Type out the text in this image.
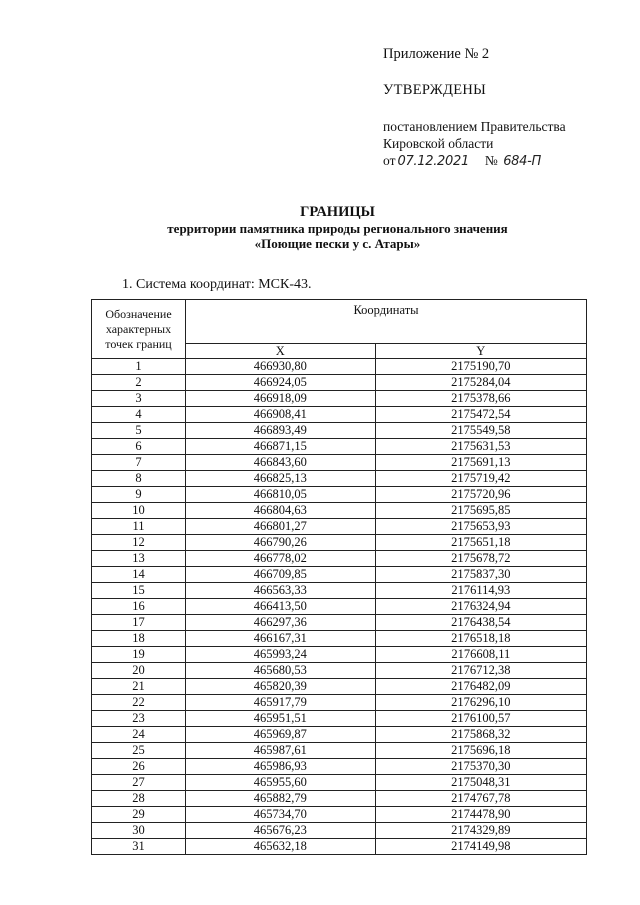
Приложение № 2
УТВЕРЖДЕНЫ
постановлением Правительства
Кировской области
от 07.12.2021 № 684-П
ГРАНИЦЫ
территории памятника природы регионального значения
«Поющие пески у с. Атары»
1. Система координат: МСК-43.
Обозначение характерных точек границ	Координаты	
	X	Y
1	466930,80	2175190,70
2	466924,05	2175284,04
3	466918,09	2175378,66
4	466908,41	2175472,54
5	466893,49	2175549,58
6	466871,15	2175631,53
7	466843,60	2175691,13
8	466825,13	2175719,42
9	466810,05	2175720,96
10	466804,63	2175695,85
11	466801,27	2175653,93
12	466790,26	2175651,18
13	466778,02	2175678,72
14	466709,85	2175837,30
15	466563,33	2176114,93
16	466413,50	2176324,94
17	466297,36	2176438,54
18	466167,31	2176518,18
19	465993,24	2176608,11
20	465680,53	2176712,38
21	465820,39	2176482,09
22	465917,79	2176296,10
23	465951,51	2176100,57
24	465969,87	2175868,32
25	465987,61	2175696,18
26	465986,93	2175370,30
27	465955,60	2175048,31
28	465882,79	2174767,78
29	465734,70	2174478,90
30	465676,23	2174329,89
31	465632,18	2174149,98
